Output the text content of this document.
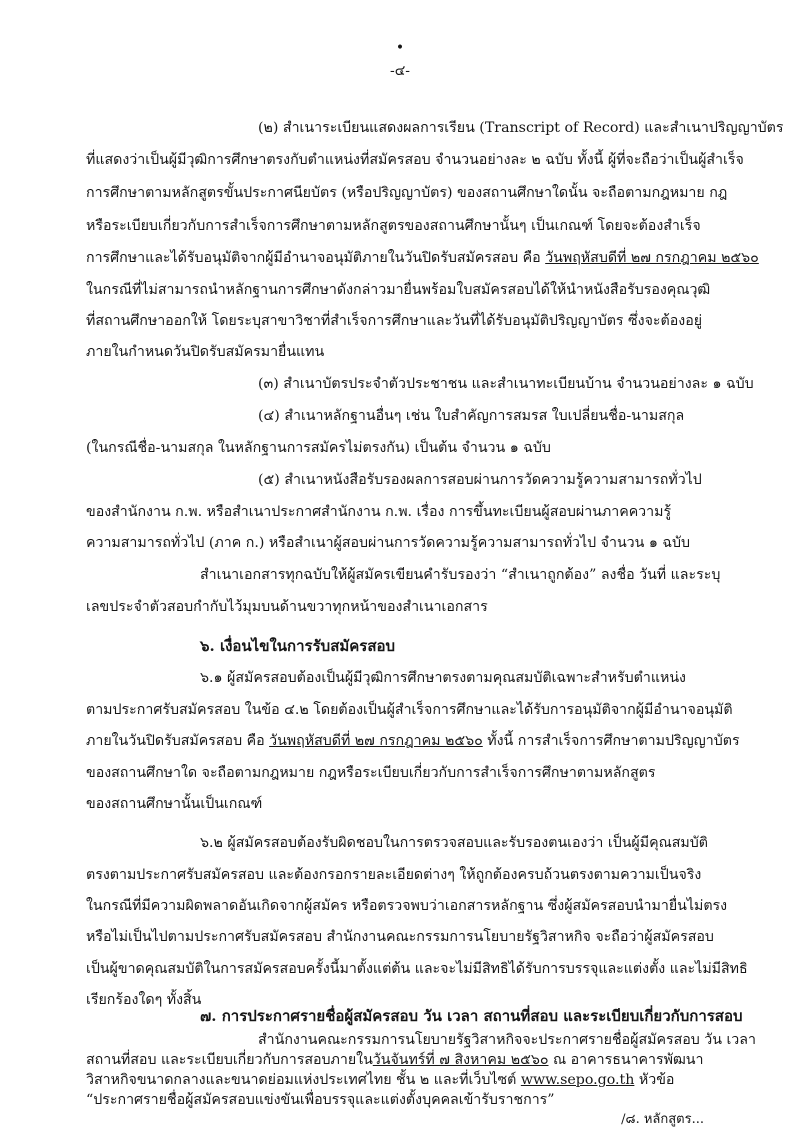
•
-๔-
(๒) สำเนาระเบียนแสดงผลการเรียน (Transcript of Record) และสำเนาปริญญาบัตร
ที่แสดงว่าเป็นผู้มีวุฒิการศึกษาตรงกับตำแหน่งที่สมัครสอบ จำนวนอย่างละ ๒ ฉบับ ทั้งนี้ ผู้ที่จะถือว่าเป็นผู้สำเร็จ
การศึกษาตามหลักสูตรขั้นประกาศนียบัตร (หรือปริญญาบัตร) ของสถานศึกษาใดนั้น จะถือตามกฎหมาย กฎ
หรือระเบียบเกี่ยวกับการสำเร็จการศึกษาตามหลักสูตรของสถานศึกษานั้นๆ เป็นเกณฑ์ โดยจะต้องสำเร็จ
การศึกษาและได้รับอนุมัติจากผู้มีอำนาจอนุมัติภายในวันปิดรับสมัครสอบ คือ วันพฤหัสบดีที่ ๒๗ กรกฎาคม ๒๕๖๐
ในกรณีที่ไม่สามารถนำหลักฐานการศึกษาดังกล่าวมายื่นพร้อมใบสมัครสอบได้ให้นำหนังสือรับรองคุณวุฒิ
ที่สถานศึกษาออกให้ โดยระบุสาขาวิชาที่สำเร็จการศึกษาและวันที่ได้รับอนุมัติปริญญาบัตร ซึ่งจะต้องอยู่
ภายในกำหนดวันปิดรับสมัครมายื่นแทน
(๓) สำเนาบัตรประจำตัวประชาชน และสำเนาทะเบียนบ้าน จำนวนอย่างละ ๑ ฉบับ
(๔) สำเนาหลักฐานอื่นๆ เช่น ใบสำคัญการสมรส ใบเปลี่ยนชื่อ-นามสกุล
(ในกรณีชื่อ-นามสกุล ในหลักฐานการสมัครไม่ตรงกัน) เป็นต้น จำนวน ๑ ฉบับ
(๕) สำเนาหนังสือรับรองผลการสอบผ่านการวัดความรู้ความสามารถทั่วไป
ของสำนักงาน ก.พ. หรือสำเนาประกาศสำนักงาน ก.พ. เรื่อง การขึ้นทะเบียนผู้สอบผ่านภาคความรู้
ความสามารถทั่วไป (ภาค ก.) หรือสำเนาผู้สอบผ่านการวัดความรู้ความสามารถทั่วไป จำนวน ๑ ฉบับ
สำเนาเอกสารทุกฉบับให้ผู้สมัครเขียนคำรับรองว่า “สำเนาถูกต้อง” ลงชื่อ วันที่ และระบุ
เลขประจำตัวสอบกำกับไว้มุมบนด้านขวาทุกหน้าของสำเนาเอกสาร
๖. เงื่อนไขในการรับสมัครสอบ
๖.๑ ผู้สมัครสอบต้องเป็นผู้มีวุฒิการศึกษาตรงตามคุณสมบัติเฉพาะสำหรับตำแหน่ง
ตามประกาศรับสมัครสอบ ในข้อ ๔.๒ โดยต้องเป็นผู้สำเร็จการศึกษาและได้รับการอนุมัติจากผู้มีอำนาจอนุมัติ
ภายในวันปิดรับสมัครสอบ คือ วันพฤหัสบดีที่ ๒๗ กรกฎาคม ๒๕๖๐ ทั้งนี้ การสำเร็จการศึกษาตามปริญญาบัตร
ของสถานศึกษาใด จะถือตามกฎหมาย กฎหรือระเบียบเกี่ยวกับการสำเร็จการศึกษาตามหลักสูตร
ของสถานศึกษานั้นเป็นเกณฑ์
๖.๒ ผู้สมัครสอบต้องรับผิดชอบในการตรวจสอบและรับรองตนเองว่า เป็นผู้มีคุณสมบัติ
ตรงตามประกาศรับสมัครสอบ และต้องกรอกรายละเอียดต่างๆ ให้ถูกต้องครบถ้วนตรงตามความเป็นจริง
ในกรณีที่มีความผิดพลาดอันเกิดจากผู้สมัคร หรือตรวจพบว่าเอกสารหลักฐาน ซึ่งผู้สมัครสอบนำมายื่นไม่ตรง
หรือไม่เป็นไปตามประกาศรับสมัครสอบ สำนักงานคณะกรรมการนโยบายรัฐวิสาหกิจ จะถือว่าผู้สมัครสอบ
เป็นผู้ขาดคุณสมบัติในการสมัครสอบครั้งนี้มาตั้งแต่ต้น และจะไม่มีสิทธิได้รับการบรรจุและแต่งตั้ง และไม่มีสิทธิ
เรียกร้องใดๆ ทั้งสิ้น
๗. การประกาศรายชื่อผู้สมัครสอบ วัน เวลา สถานที่สอบ และระเบียบเกี่ยวกับการสอบ
สำนักงานคณะกรรมการนโยบายรัฐวิสาหกิจจะประกาศรายชื่อผู้สมัครสอบ วัน เวลา
สถานที่สอบ และระเบียบเกี่ยวกับการสอบภายในวันจันทร์ที่ ๗ สิงหาคม ๒๕๖๐ ณ อาคารธนาคารพัฒนา
วิสาหกิจขนาดกลางและขนาดย่อมแห่งประเทศไทย ชั้น ๒ และที่เว็บไซต์ www.sepo.go.th หัวข้อ
“ประกาศรายชื่อผู้สมัครสอบแข่งขันเพื่อบรรจุและแต่งตั้งบุคคลเข้ารับราชการ”
/๘. หลักสูตร...
